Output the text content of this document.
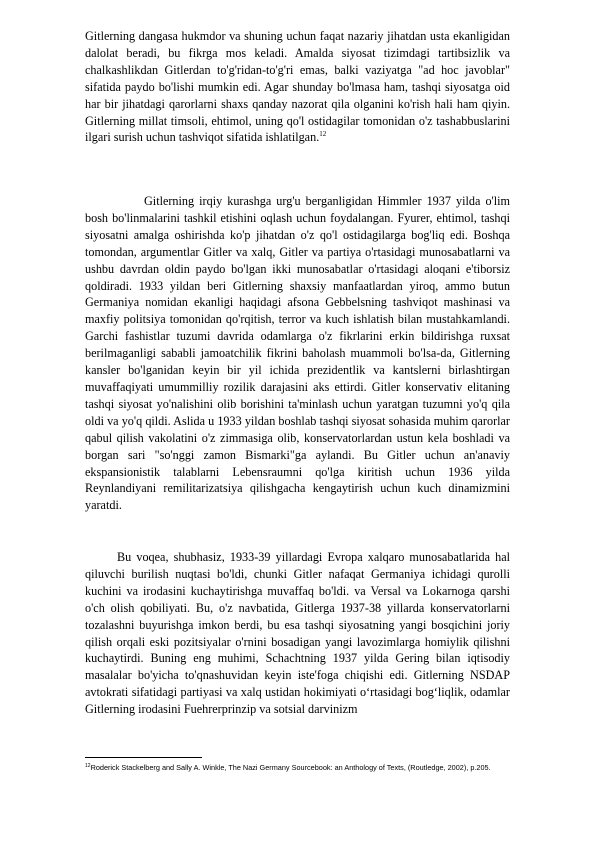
Gitlerning dangasa hukmdor va shuning uchun faqat nazariy jihatdan usta ekanligidan dalolat beradi, bu fikrga mos keladi. Amalda siyosat tizimdagi tartibsizlik va chalkashlikdan Gitlerdan to'g'ridan-to'g'ri emas, balki vaziyatga "ad hoc javoblar" sifatida paydo bo'lishi mumkin edi. Agar shunday bo'lmasa ham, tashqi siyosatga oid har bir jihatdagi qarorlarni shaxs qanday nazorat qila olganini ko'rish hali ham qiyin. Gitlerning millat timsoli, ehtimol, uning qo'l ostidagilar tomonidan o'z tashabbuslarini ilgari surish uchun tashviqot sifatida ishlatilgan.$^{12}$

Gitlerning irqiy kurashga urg'u berganligidan Himmler 1937 yilda o'lim bosh bo'linmalarini tashkil etishini oqlash uchun foydalangan. Fyurer, ehtimol, tashqi siyosatni amalga oshirishda ko'p jihatdan o'z qo'l ostidagilarga bog'liq edi. Boshqa tomondan, argumentlar Gitler va xalq, Gitler va partiya o'rtasidagi munosabatlarni va ushbu davrdan oldin paydo bo'lgan ikki munosabatlar o'rtasidagi aloqani e'tiborsiz qoldiradi. 1933 yildan beri Gitlerning shaxsiy manfaatlardan yiroq, ammo butun Germaniya nomidan ekanligi haqidagi afsona Gebbelsning tashviqot mashinasi va maxfiy politsiya tomonidan qo'rqitish, terror va kuch ishlatish bilan mustahkamlandi. Garchi fashistlar tuzumi davrida odamlarga o'z fikrlarini erkin bildirishga ruxsat berilmaganligi sababli jamoatchilik fikrini baholash muammoli bo'lsa-da, Gitlerning kansler bo'lganidan keyin bir yil ichida prezidentlik va kantslerni birlashtirgan muvaffaqiyati umummilliy rozilik darajasini aks ettirdi. Gitler konservativ elitaning tashqi siyosat yo'nalishini olib borishini ta'minlash uchun yaratgan tuzumni yo'q qila oldi va yo'q qildi. Aslida u 1933 yildan boshlab tashqi siyosat sohasida muhim qarorlar qabul qilish vakolatini o'z zimmasiga olib, konservatorlardan ustun kela boshladi va borgan sari "so'nggi zamon Bismarki"ga aylandi. Bu Gitler uchun an'anaviy ekspansionistik talablarni Lebensraumni qo'lga kiritish uchun 1936 yilda Reynlandiyani remilitarizatsiya qilishgacha kengaytirish uchun kuch dinamizmini yaratdi.

Bu voqea, shubhasiz, 1933-39 yillardagi Evropa xalqaro munosabatlarida hal qiluvchi burilish nuqtasi bo'ldi, chunki Gitler nafaqat Germaniya ichidagi qurolli kuchini va irodasini kuchaytirishga muvaffaq bo'ldi. va Versal va Lokarnoga qarshi o'ch olish qobiliyati. Bu, o'z navbatida, Gitlerga 1937-38 yillarda konservatorlarni tozalashni buyurishga imkon berdi, bu esa tashqi siyosatning yangi bosqichini joriy qilish orqali eski pozitsiyalar o'rnini bosadigan yangi lavozimlarga homiylik qilishni kuchaytirdi. Buning eng muhimi, Schachtning 1937 yilda Gering bilan iqtisodiy masalalar bo'yicha to'qnashuvidan keyin iste'foga chiqishi edi. Gitlerning NSDAP avtokrati sifatidagi partiyasi va xalq ustidan hokimiyati o‘rtasidagi bog‘liqlik, odamlar Gitlerning irodasini Fuehrerprinzip va sotsial darvinizm

$^{12}$Roderick Stackelberg and Sally A. Winkle, The Nazi Germany Sourcebook: an Anthology of Texts, (Routledge, 2002), p.205.
